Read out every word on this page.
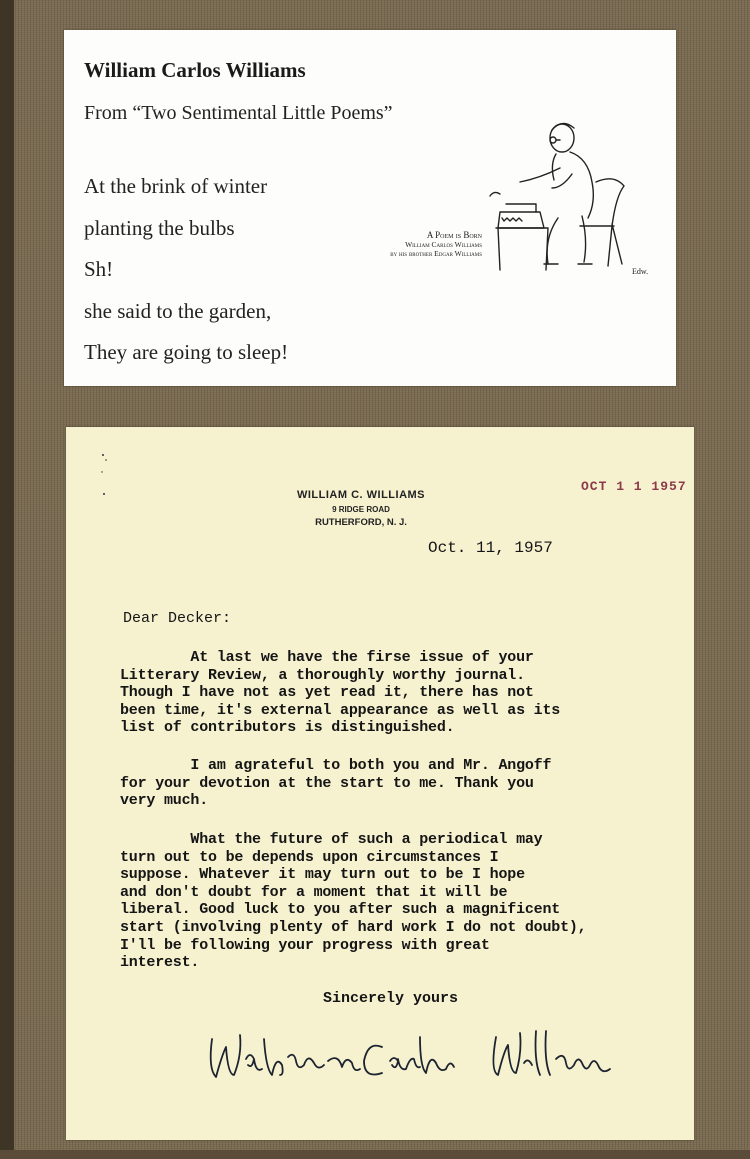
William Carlos Williams
From “Two Sentimental Little Poems”
At the brink of winter
planting the bulbs
Sh!
she said to the garden,
They are going to sleep!
A Poem is Born
William Carlos Williams
by his brother Edgar Williams
Edw.
WILLIAM C. WILLIAMS
9 RIDGE ROAD
RUTHERFORD, N. J.
OCT 1 1 1957
Oct. 11, 1957
Dear Decker:

At last we have the firse issue of your
Litterary Review, a thoroughly worthy journal.
Though I have not as yet read it, there has not
been time, it's external appearance as well as its
list of contributors is distinguished.

I am agrateful to both you and Mr. Angoff
for your devotion at the start to me. Thank you
very much.

What the future of such a periodical may
turn out to be depends upon circumstances I
suppose. Whatever it may turn out to be I hope
and don't doubt for a moment that it will be
liberal. Good luck to you after such a magnificent
start (involving plenty of hard work I do not doubt),
I'll be following your progress with great
interest.

Sincerely yours
